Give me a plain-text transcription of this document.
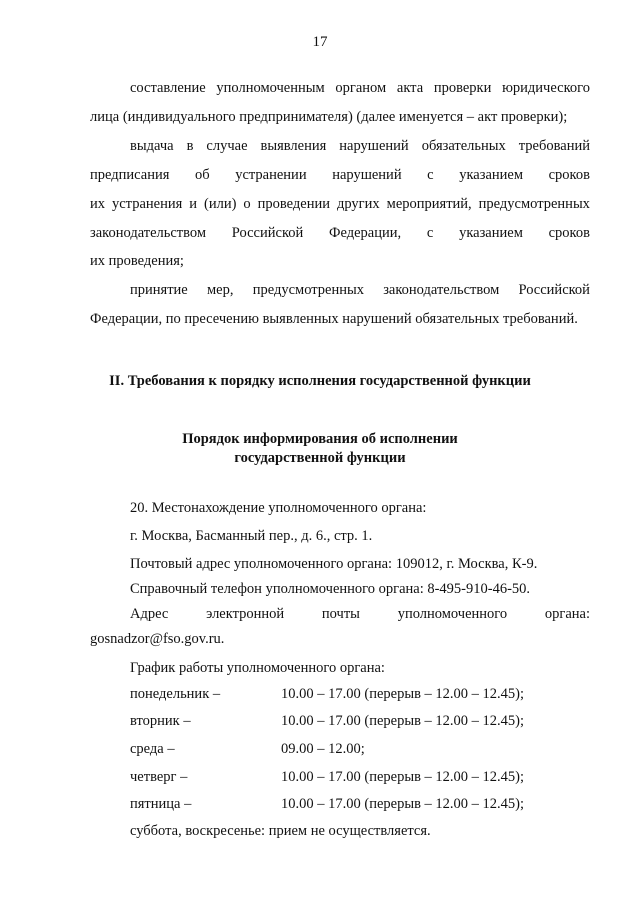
17
составление уполномоченным органом акта проверки юридического
лица (индивидуального предпринимателя) (далее именуется – акт проверки);
выдача в случае выявления нарушений обязательных требований
предписания об устранении нарушений с указанием сроков
их устранения и (или) о проведении других мероприятий, предусмотренных
законодательством Российской Федерации, с указанием сроков
их проведения;
принятие мер, предусмотренных законодательством Российской
Федерации, по пресечению выявленных нарушений обязательных требований.
II. Требования к порядку исполнения государственной функции
Порядок информирования об исполнении
государственной функции
20. Местонахождение уполномоченного органа:
г. Москва, Басманный пер., д. 6., стр. 1.
Почтовый адрес уполномоченного органа: 109012, г. Москва, К-9.
Справочный телефон уполномоченного органа: 8-495-910-46-50.
Адрес	электронной	почты	уполномоченного	органа:
gosnadzor@fso.gov.ru.
График работы уполномоченного органа:
понедельник –	10.00 – 17.00 (перерыв – 12.00 – 12.45);
вторник –	10.00 – 17.00 (перерыв – 12.00 – 12.45);
среда –	09.00 – 12.00;
четверг –	10.00 – 17.00 (перерыв – 12.00 – 12.45);
пятница –	10.00 – 17.00 (перерыв – 12.00 – 12.45);
суббота, воскресенье: прием не осуществляется.
